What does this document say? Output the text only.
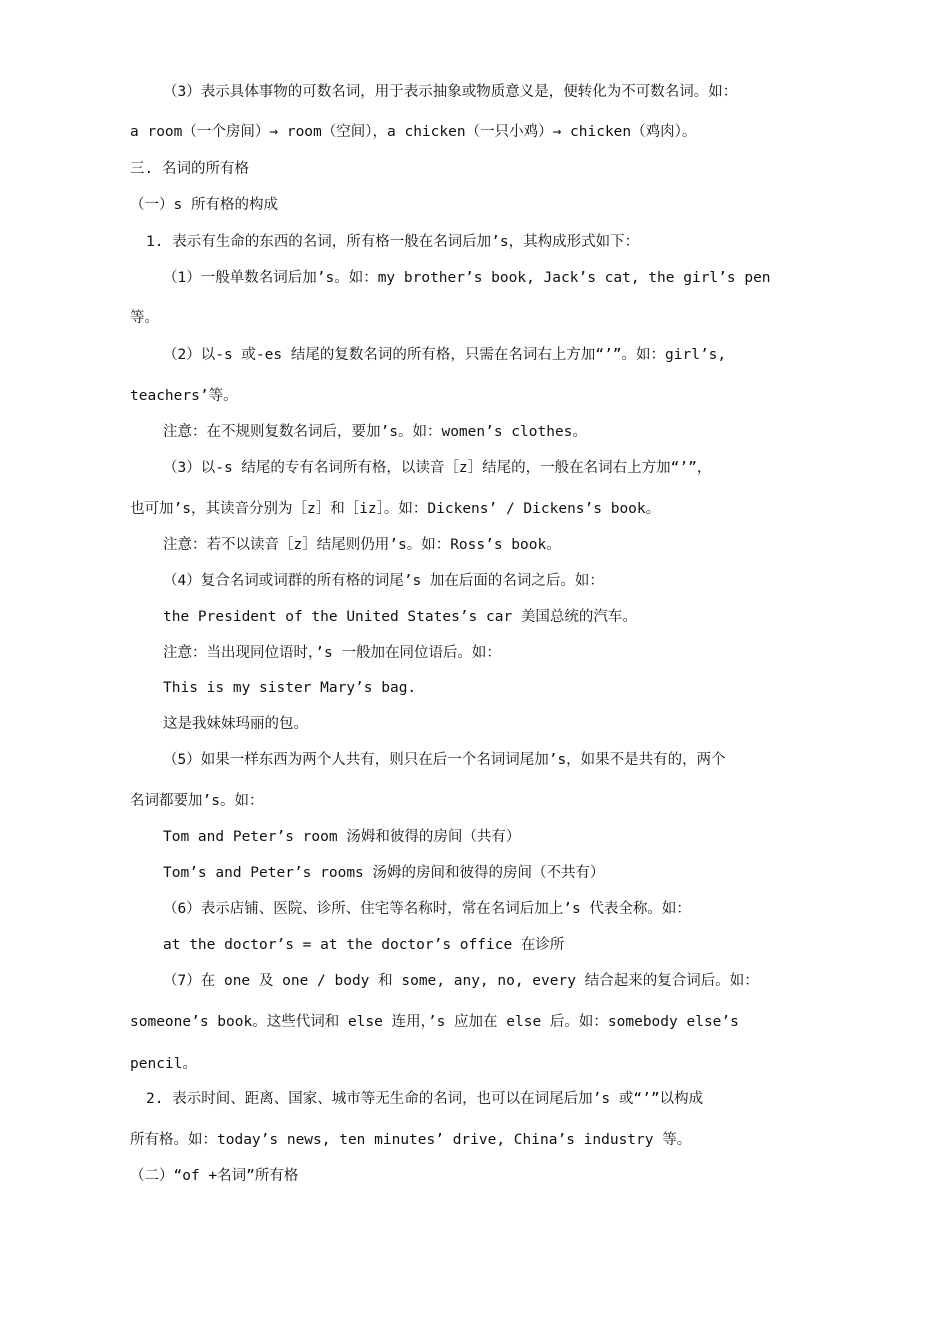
（3）表示具体事物的可数名词，用于表示抽象或物质意义是，便转化为不可数名词。如：
a room（一个房间）→ room（空间），a chicken（一只小鸡）→ chicken（鸡肉）。
三. 名词的所有格
（一）s 所有格的构成
1. 表示有生命的东西的名词，所有格一般在名词后加’s，其构成形式如下：
（1）一般单数名词后加’s。如：my brother’s book, Jack’s cat, the girl’s pen
等。
（2）以-s 或-es 结尾的复数名词的所有格，只需在名词右上方加“’”。如：girl’s,
teachers’等。
注意：在不规则复数名词后，要加’s。如：women’s clothes。
（3）以-s 结尾的专有名词所有格，以读音［z］结尾的，一般在名词右上方加“’”，
也可加’s，其读音分别为［z］和［iz］。如：Dickens’ / Dickens’s book。
注意：若不以读音［z］结尾则仍用’s。如：Ross’s book。
（4）复合名词或词群的所有格的词尾’s 加在后面的名词之后。如：
the President of the United States’s car 美国总统的汽车。
注意：当出现同位语时，’s 一般加在同位语后。如：
This is my sister Mary’s bag.
这是我妹妹玛丽的包。
（5）如果一样东西为两个人共有，则只在后一个名词词尾加’s，如果不是共有的，两个
名词都要加’s。如：
Tom and Peter’s room 汤姆和彼得的房间（共有）
Tom’s and Peter’s rooms 汤姆的房间和彼得的房间（不共有）
（6）表示店铺、医院、诊所、住宅等名称时，常在名词后加上’s 代表全称。如：
at the doctor’s = at the doctor’s office 在诊所
（7）在 one 及 one / body 和 some, any, no, every 结合起来的复合词后。如：
someone’s book。这些代词和 else 连用，’s 应加在 else 后。如：somebody else’s
pencil。
2. 表示时间、距离、国家、城市等无生命的名词，也可以在词尾后加’s 或“’”以构成
所有格。如：today’s news, ten minutes’ drive, China’s industry 等。
（二）“of +名词”所有格
